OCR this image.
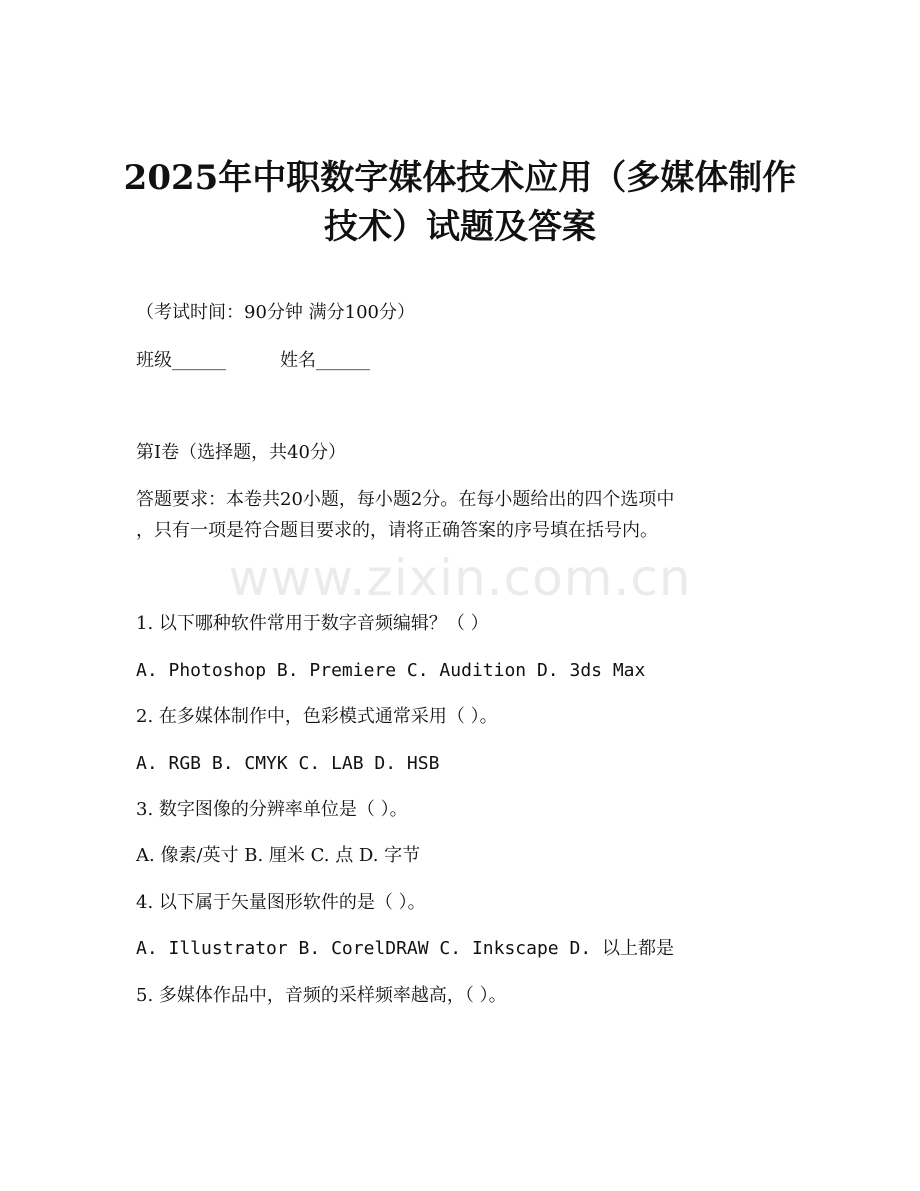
2025年中职数字媒体技术应用（多媒体制作
技术）试题及答案
（考试时间：90分钟 满分100分）
班级______	姓名______
第I卷（选择题，共40分）
答题要求：本卷共20小题，每小题2分。在每小题给出的四个选项中
，只有一项是符合题目要求的，请将正确答案的序号填在括号内。
www.zixin.com.cn
1. 以下哪种软件常用于数字音频编辑？（ ）
A. Photoshop B. Premiere C. Audition D. 3ds Max
2. 在多媒体制作中，色彩模式通常采用（ ）。
A. RGB B. CMYK C. LAB D. HSB
3. 数字图像的分辨率单位是（ ）。
A. 像素/英寸 B. 厘米 C. 点 D. 字节
4. 以下属于矢量图形软件的是（ ）。
A. Illustrator B. CorelDRAW C. Inkscape D. 以上都是
5. 多媒体作品中，音频的采样频率越高，（ ）。
